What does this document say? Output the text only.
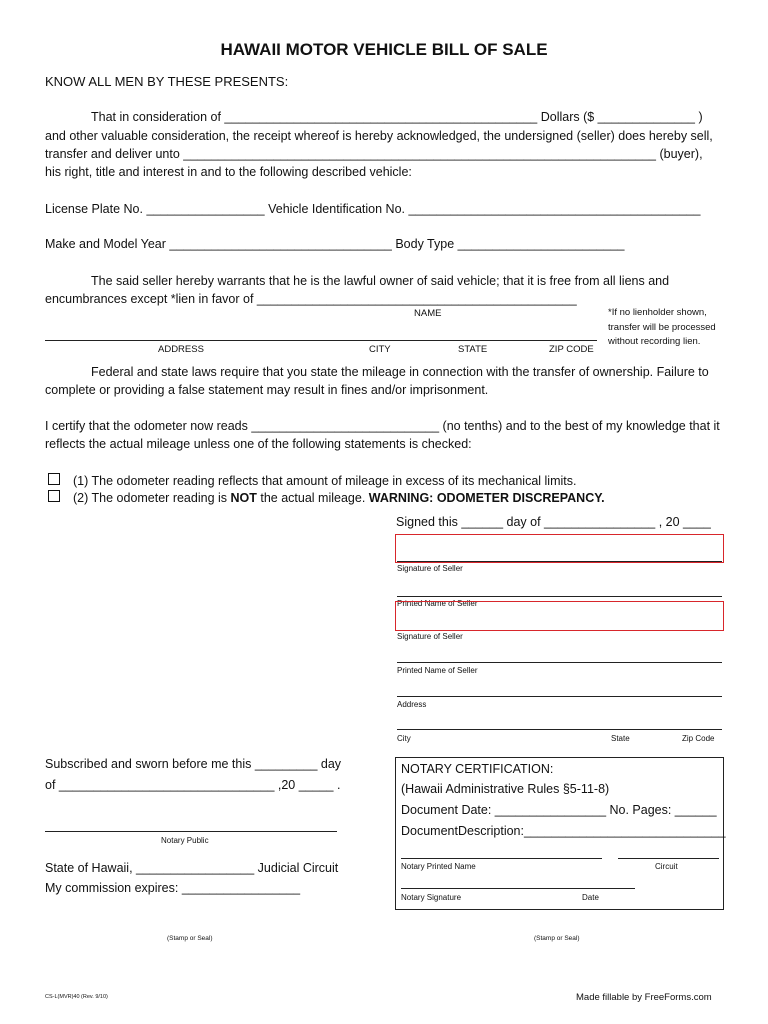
HAWAII MOTOR VEHICLE BILL OF SALE
KNOW ALL MEN BY THESE PRESENTS:
That in consideration of _____________________________________________ Dollars ($ ______________ )
and other valuable consideration, the receipt whereof is hereby acknowledged, the undersigned (seller) does hereby sell,
transfer and deliver unto ____________________________________________________________________ (buyer),
his right, title and interest in and to the following described vehicle:
License Plate No. _________________ Vehicle Identification No. __________________________________________
Make and Model Year ________________________________ Body Type ________________________
The said seller hereby warrants that he is the lawful owner of said vehicle; that it is free from all liens and
encumbrances except *lien in favor of ______________________________________________
NAME
ADDRESS	CITY	STATE	ZIP CODE
*If no lienholder shown,
transfer will be processed
without recording lien.
Federal and state laws require that you state the mileage in connection with the transfer of ownership. Failure to
complete or providing a false statement may result in fines and/or imprisonment.
I certify that the odometer now reads ___________________________ (no tenths) and to the best of my knowledge that it
reflects the actual mileage unless one of the following statements is checked:
(1) The odometer reading reflects that amount of mileage in excess of its mechanical limits.
(2) The odometer reading is NOT the actual mileage. WARNING: ODOMETER DISCREPANCY.
Signed this ______ day of ________________ , 20 ____
Signature of Seller
Printed Name of Seller
Signature of Seller
Printed Name of Seller
Address
City	State	Zip Code
Subscribed and sworn before me this _________ day
of _______________________________ ,20 _____ .
Notary Public
State of Hawaii, _________________ Judicial Circuit
My commission expires: _________________
NOTARY CERTIFICATION:
(Hawaii Administrative Rules §5-11-8)
Document Date: ________________ No. Pages: ______
DocumentDescription:_____________________________
Notary Printed Name	Circuit
Notary Signature	Date
(Stamp or Seal)	(Stamp or Seal)
CS-L(MVR)40 (Rev. 9/10)	Made fillable by FreeForms.com
